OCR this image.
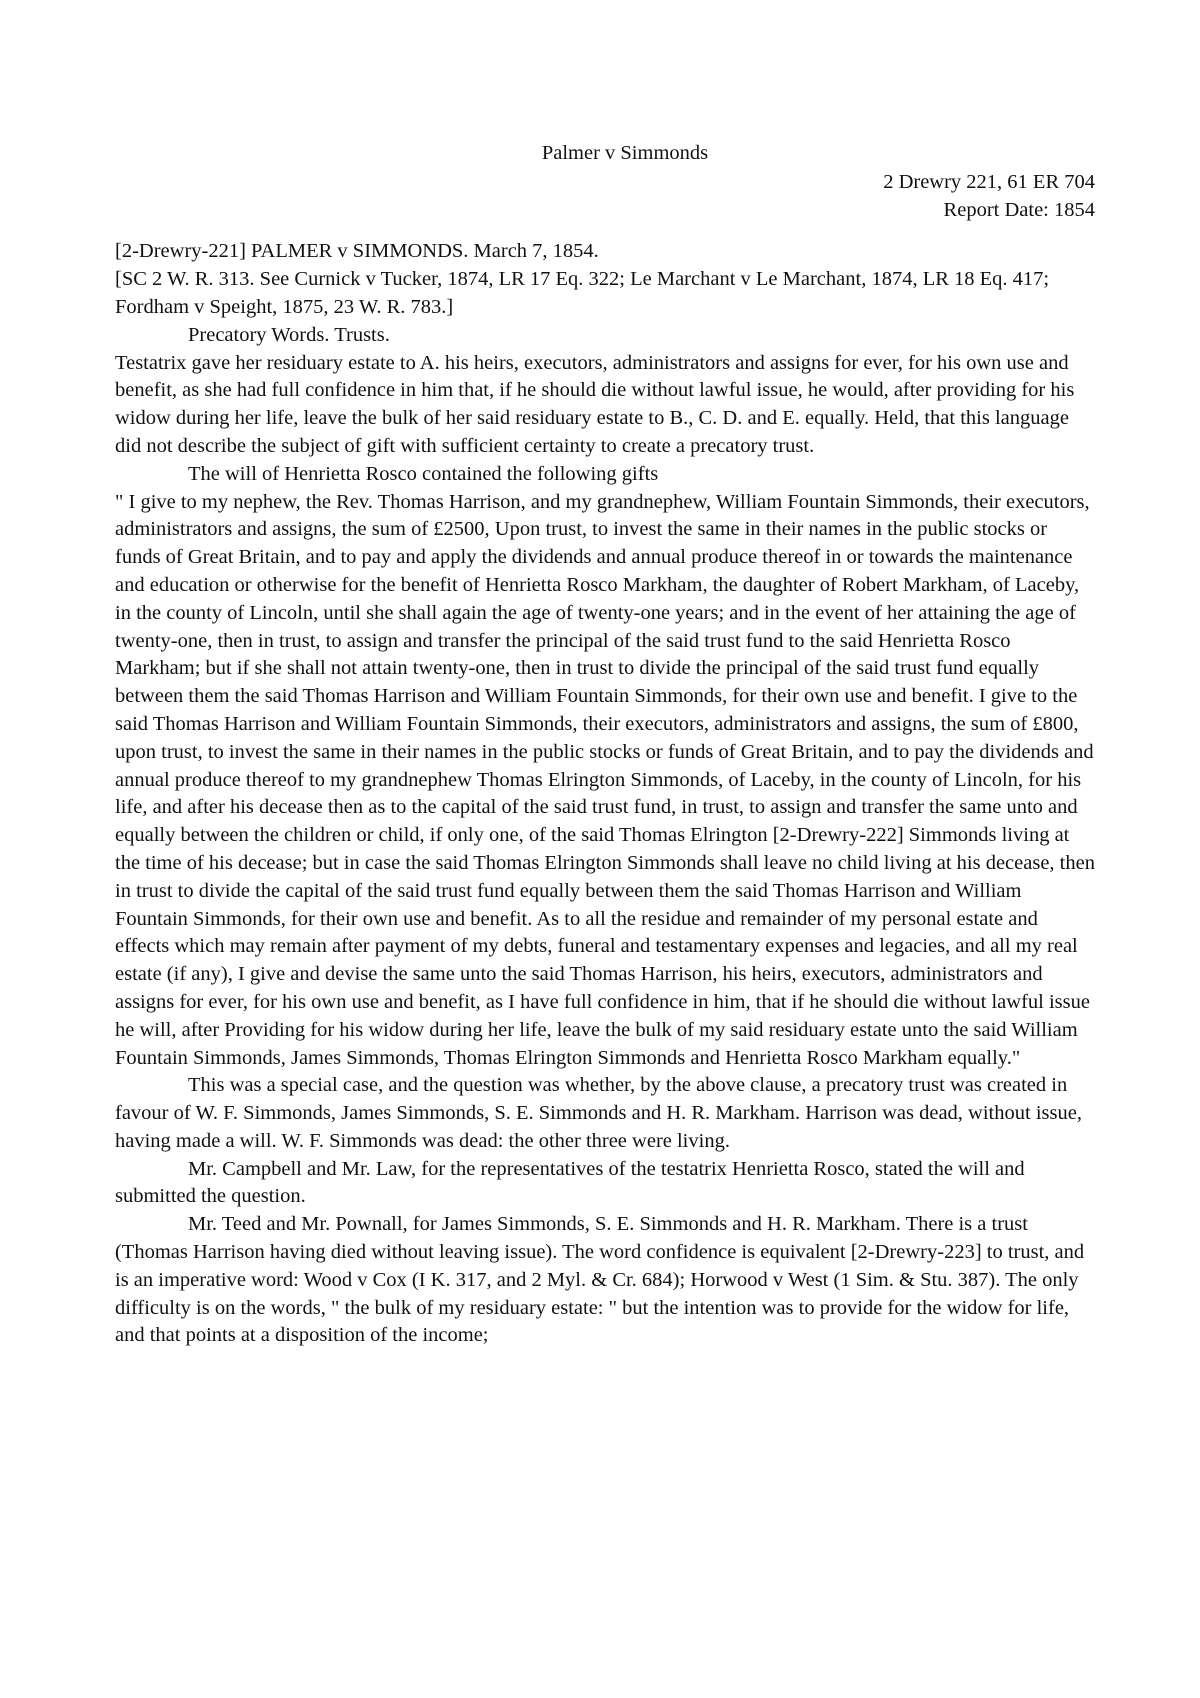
Palmer v Simmonds
2 Drewry 221, 61 ER 704
Report Date: 1854

[2-Drewry-221] PALMER v SIMMONDS. March 7, 1854.

[SC 2 W. R. 313. See Curnick v Tucker, 1874, LR 17 Eq. 322; Le Marchant v Le Marchant, 1874, LR 18 Eq. 417; Fordham v Speight, 1875, 23 W. R. 783.]

Precatory Words. Trusts.

Testatrix gave her residuary estate to A. his heirs, executors, administrators and assigns for ever, for his own use and benefit, as she had full confidence in him that, if he should die without lawful issue, he would, after providing for his widow during her life, leave the bulk of her said residuary estate to B., C. D. and E. equally. Held, that this language did not describe the subject of gift with sufficient certainty to create a precatory trust.

The will of Henrietta Rosco contained the following gifts

" I give to my nephew, the Rev. Thomas Harrison, and my grandnephew, William Fountain Simmonds, their executors, administrators and assigns, the sum of £2500, Upon trust, to invest the same in their names in the public stocks or funds of Great Britain, and to pay and apply the dividends and annual produce thereof in or towards the maintenance and education or otherwise for the benefit of Henrietta Rosco Markham, the daughter of Robert Markham, of Laceby, in the county of Lincoln, until she shall again the age of twenty-one years; and in the event of her attaining the age of twenty-one, then in trust, to assign and transfer the principal of the said trust fund to the said Henrietta Rosco Markham; but if she shall not attain twenty-one, then in trust to divide the principal of the said trust fund equally between them the said Thomas Harrison and William Fountain Simmonds, for their own use and benefit. I give to the said Thomas Harrison and William Fountain Simmonds, their executors, administrators and assigns, the sum of £800, upon trust, to invest the same in their names in the public stocks or funds of Great Britain, and to pay the dividends and annual produce thereof to my grandnephew Thomas Elrington Simmonds, of Laceby, in the county of Lincoln, for his life, and after his decease then as to the capital of the said trust fund, in trust, to assign and transfer the same unto and equally between the children or child, if only one, of the said Thomas Elrington [2-Drewry-222] Simmonds living at the time of his decease; but in case the said Thomas Elrington Simmonds shall leave no child living at his decease, then in trust to divide the capital of the said trust fund equally between them the said Thomas Harrison and William Fountain Simmonds, for their own use and benefit. As to all the residue and remainder of my personal estate and effects which may remain after payment of my debts, funeral and testamentary expenses and legacies, and all my real estate (if any), I give and devise the same unto the said Thomas Harrison, his heirs, executors, administrators and assigns for ever, for his own use and benefit, as I have full confidence in him, that if he should die without lawful issue he will, after Providing for his widow during her life, leave the bulk of my said residuary estate unto the said William Fountain Simmonds, James Simmonds, Thomas Elrington Simmonds and Henrietta Rosco Markham equally."

This was a special case, and the question was whether, by the above clause, a precatory trust was created in favour of W. F. Simmonds, James Simmonds, S. E. Simmonds and H. R. Markham. Harrison was dead, without issue, having made a will. W. F. Simmonds was dead: the other three were living.

Mr. Campbell and Mr. Law, for the representatives of the testatrix Henrietta Rosco, stated the will and submitted the question.

Mr. Teed and Mr. Pownall, for James Simmonds, S. E. Simmonds and H. R. Markham. There is a trust (Thomas Harrison having died without leaving issue). The word confidence is equivalent [2-Drewry-223] to trust, and is an imperative word: Wood v Cox (I K. 317, and 2 Myl. & Cr. 684); Horwood v West (1 Sim. & Stu. 387). The only difficulty is on the words, " the bulk of my residuary estate: " but the intention was to provide for the widow for life, and that points at a disposition of the income;
